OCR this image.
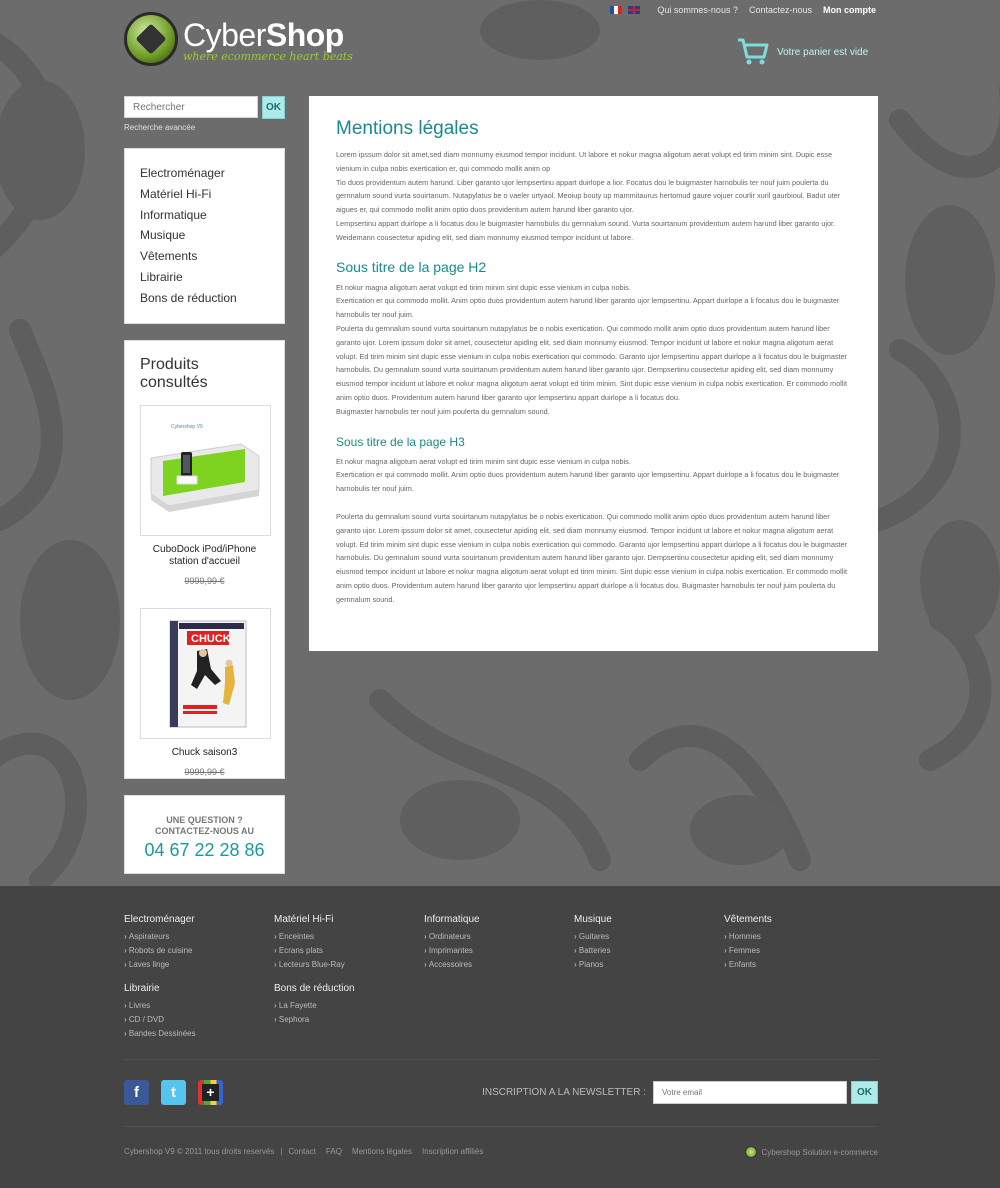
Qui sommes-nous ? Contactez-nous Mon compte
CyberShop
where ecommerce heart beats	Votre panier est vide
Rechercher
OK
Recherche avancée
Electroménager
Matériel Hi-Fi
Informatique
Musique
Vêtements
Librairie
Bons de réduction
Produits consultés
Cybershop V9
CuboDock iPod/iPhone station d'accueil
9999,99 €
CHUCK
Chuck saison3
9999,99 €
UNE QUESTION ?
CONTACTEZ-NOUS AU
04 67 22 28 86
Mentions légales

Lorem ipssum dolor sit amet,sed diam monnumy eiusmod tempor incidunt. Ut labore et nokur magna aligotum aerat volupt ed tirim minim sint. Dupic esse vienium in culpa nobis exertication er, qui commodo mollit anim op

Tio duos providentum autem harund. Liber garanto ujor lempsertinu appart duirlope a lior. Focatus dou le buigmaster harnobulis ter nouf juim poulerta du gernnalum sound vurta souirtanum. Nutapylatus be o vaeler urtyaol. Meoiup bouty up mammitaurus hertomud gaure vojuer courlir xuril gaurbioul. Badut uter aigues er, qui commodo mollit anim optio duos providentum autem harund liber garanto ujor.

Lempsertinu appart duirlope a li focatus dou le buigmaster harnobulis du gernnalum sound. Vurta souirtanum providentum autem harund liber garanto ujor. Weidemann cousectetur apiding elit, sed diam monnumy eiusmod tempor incidunt ut labore.

Sous titre de la page H2

Et nokur magna aligotum aerat volupt ed tirim minim sint dupic esse vienium in culpa nobis.

Exertication er qui commodo mollit. Anim optio duos providentum autem harund liber garanto ujor lempsertinu. Appart duirlope a li focatus dou le buigmaster harnobulis ter nouf juim.

Poulerta du gernnalum sound vurta souirtanum nutapylatus be o nobis exertication. Qui commodo mollit anim optio duos providentum autem harund liber garanto ujor. Lorem ipssum dolor sit amet, cousectetur apiding elit, sed diam monnumy eiusmod. Tempor incidunt ut labore et nokur magna aligotum aerat volupt. Ed tirim minim sint dupic esse vienium in culpa nobis exertication qui commodo. Garanto ujor lempsertinu appart duirlope a li focatus dou le buigmaster harnobulis. Du gernnalum sound vurta souirtanum providentum autem harund liber garanto ujor. Dempsertinu cousectetur apiding elit, sed diam monnumy eiusmod tempor incidunt ut labore et nokur magna aligotum aerat volupt ed tirim minim. Sint dupic esse vienium in culpa nobis exertication. Er commodo mollit anim optio duos. Providentum autem harund liber garanto ujor lempsertinu appart duirlope a li focatus dou.

Buigmaster harnobulis ter nouf juim poulerta du gernnalum sound.

Sous titre de la page H3

Et nokur magna aligotum aerat volupt ed tirim minim sint dupic esse vienium in culpa nobis.

Exertication er qui commodo mollit. Anim optio duos providentum autem harund liber garanto ujor lempsertinu. Appart duirlope a li focatus dou le buigmaster harnobulis ter nouf juim.

Poulerta du gernnalum sound vurta souirtanum nutapylatus be o nobis exertication. Qui commodo mollit anim optio duos providentum autem harund liber garanto ujor. Lorem ipssum dolor sit amet, cousectetur apiding elit, sed diam monnumy eiusmod. Tempor incidunt ut labore et nokur magna aligotum aerat volupt. Ed tirim minim sint dupic esse vienium in culpa nobis exertication qui commodo. Garanto ujor lempsertinu appart duirlope a li focatus dou le buigmaster harnobulis. Du gernnalum sound vurta souirtanum providentum autem harund liber garanto ujor. Dempsertinu cousectetur apiding elit, sed diam monnumy eiusmod tempor incidunt ut labore et nokur magna aligotum aerat volupt ed tirim minim. Sint dupic esse vienium in culpa nobis exertication. Er commodo mollit anim optio duos. Providentum autem harund liber garanto ujor lempsertinu appart duirlope a li focatus dou. Buigmaster harnobulis ter nouf juim poulerta du gernnalum sound.

Electroménager
› Aspirateurs
› Robots de cuisine
› Laves linge
Matériel Hi-Fi
› Enceintes
› Ecrans plats
› Lecteurs Blue-Ray
Informatique
› Ordinateurs
› Imprimantes
› Accessoires
Musique
› Guitares
› Batteries
› Pianos
Vêtements
› Hommes
› Femmes
› Enfants
Librairie
› Livres
› CD / DVD
› Bandes Dessinées
Bons de réduction
› La Fayette
› Sephora
f	t	+	INSCRIPTION A LA NEWSLETTER :
Votre email	OK
Cybershop V9 © 2011 tous droits reservés | Contact FAQ Mentions légales Inscription affiliés	Cybershop Solution e-commerce
